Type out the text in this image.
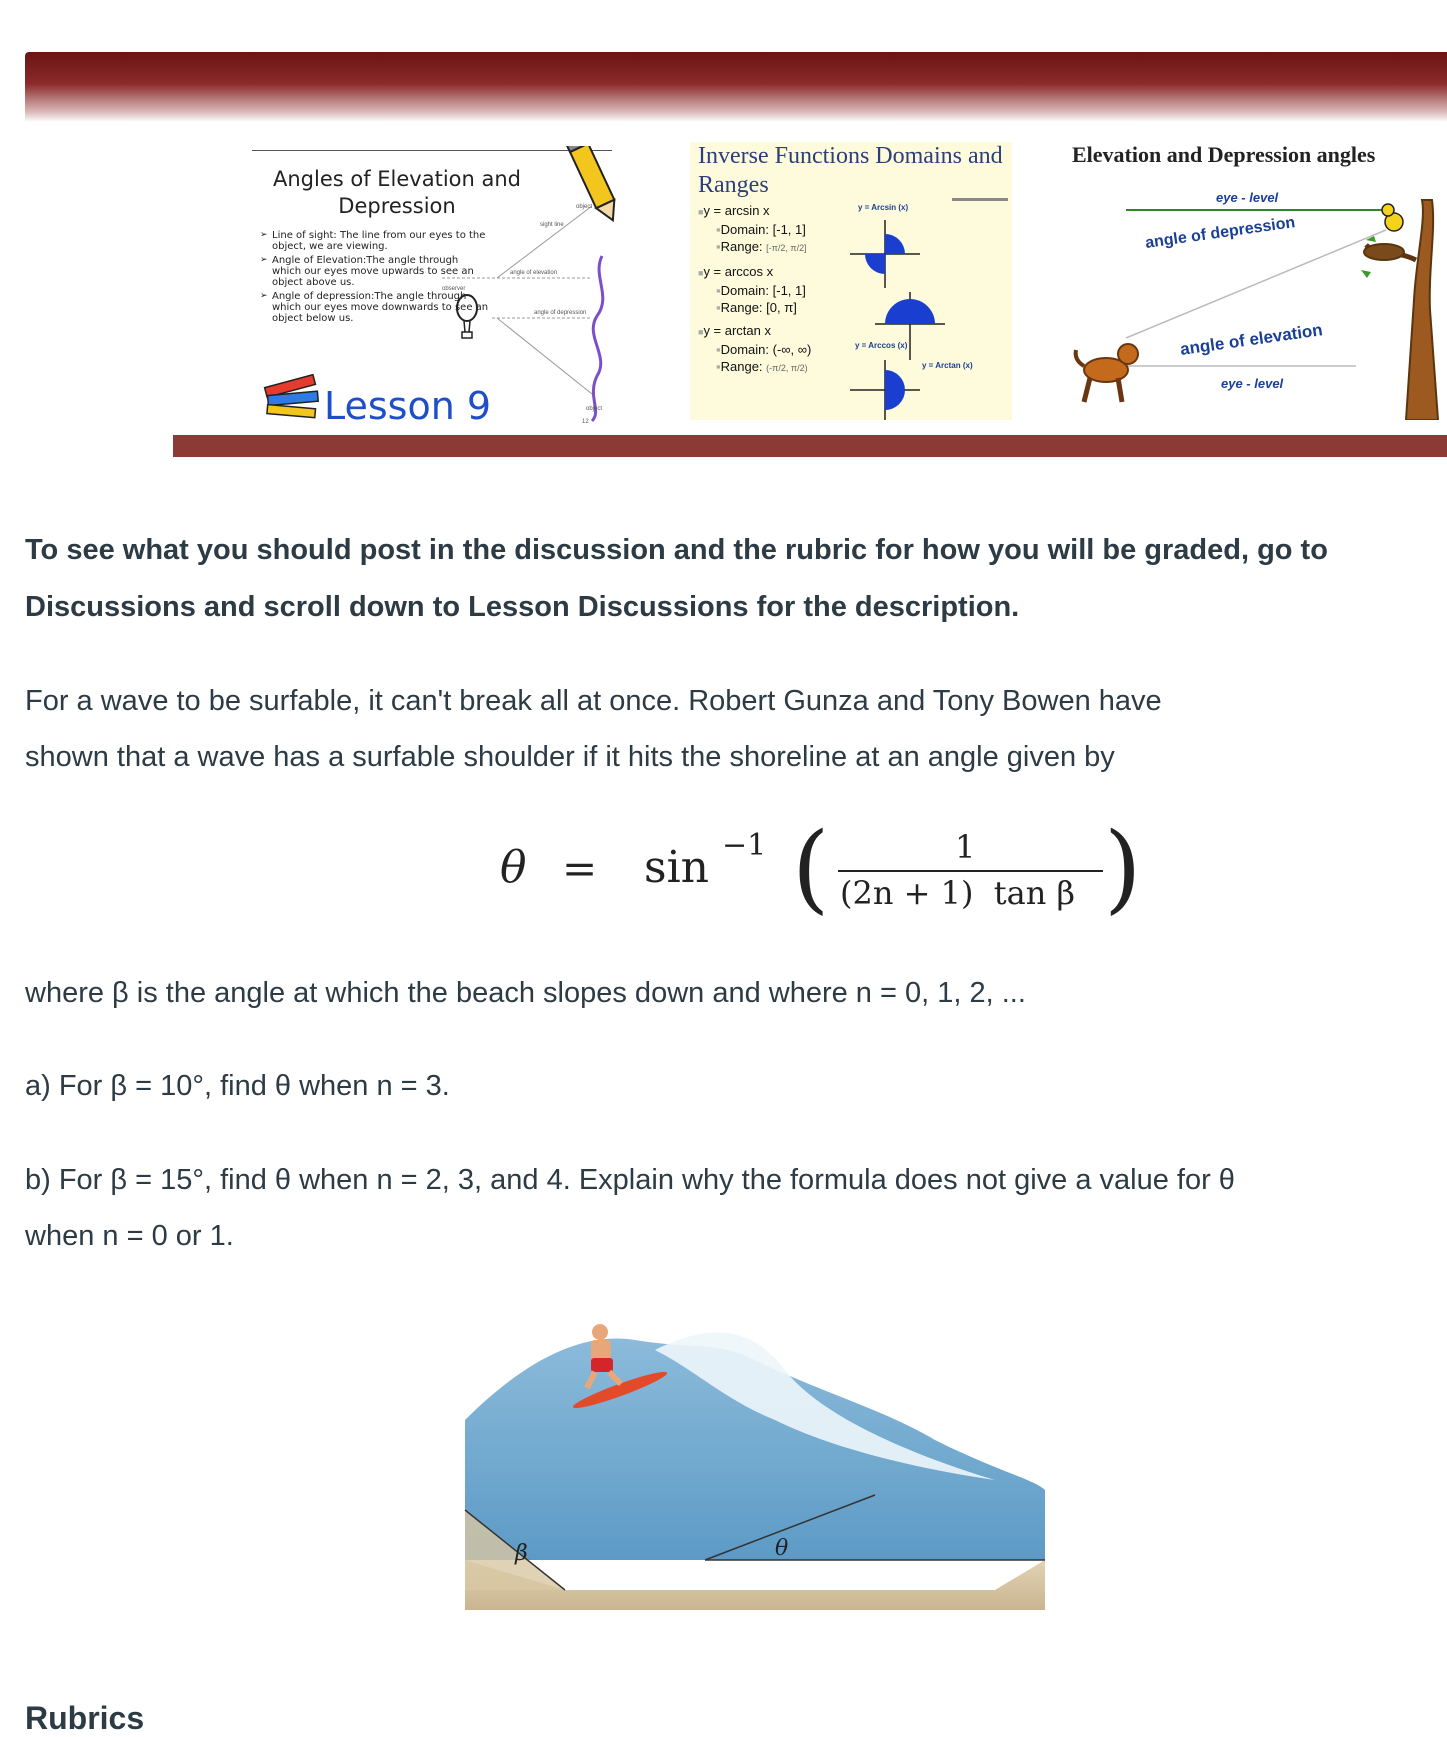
Angles of Elevation and Depression
➢ Line of sight: The line from our eyes to the object, we are viewing.
➢ Angle of Elevation:The angle through which our eyes move upwards to see an object above us.
➢ Angle of depression:The angle through which our eyes move downwards to see an object below us.
sight line
angle of elevation
angle of depression
observer
object
object
12
Lesson 9
Inverse Functions Domains and Ranges
■ y = arcsin x
▪ Domain: [-1, 1]
▪ Range: [-π/2, π/2]
■ y = arccos x
▪ Domain: [-1, 1]
▪ Range: [0, π]
■ y = arctan x
▪ Domain: (-∞, ∞)
▪ Range: (-π/2, π/2)
y = Arcsin (x)
y = Arccos (x)
y = Arctan (x)
Elevation and Depression angles
eye - level
angle of depression
angle of elevation
eye - level
To see what you should post in the discussion and the rubric for how you will be graded, go to Discussions and scroll down to Lesson Discussions for the description.
For a wave to be surfable, it can't break all at once. Robert Gunza and Tony Bowen have
shown that a wave has a surfable shoulder if it hits the shoreline at an angle given by
θ = sin −1 (	1
(2n + 1)  tan β )
where β is the angle at which the beach slopes down and where n = 0, 1, 2, ...
a) For β = 10°, find θ when n = 3.
b) For β = 15°, find θ when n = 2, 3, and 4. Explain why the formula does not give a value for θ
when n = 0 or 1.
β	θ
Rubrics
